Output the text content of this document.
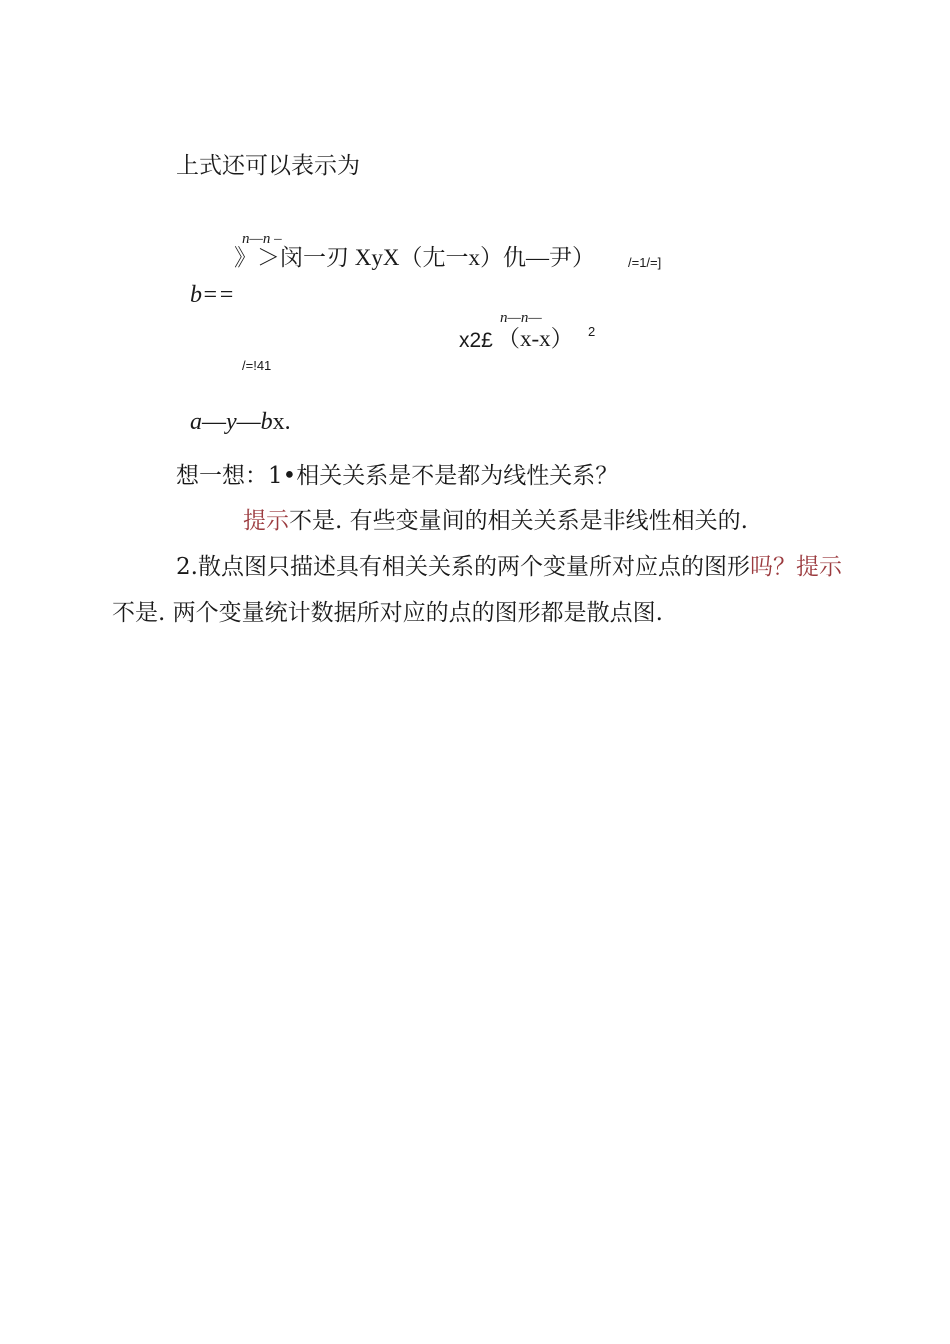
上式还可以表示为
n—n –
》＞闵一刃 XyX（尢一x）仇—尹）	/=1/=]
b==
n—n—
x2£ （x-x） 2
/=!41
a—y—bx.
想一想：1•相关关系是不是都为线性关系？
提示不是. 有些变量间的相关关系是非线性相关的.
2.散点图只描述具有相关关系的两个变量所对应点的图形吗？提示
不是. 两个变量统计数据所对应的点的图形都是散点图.
